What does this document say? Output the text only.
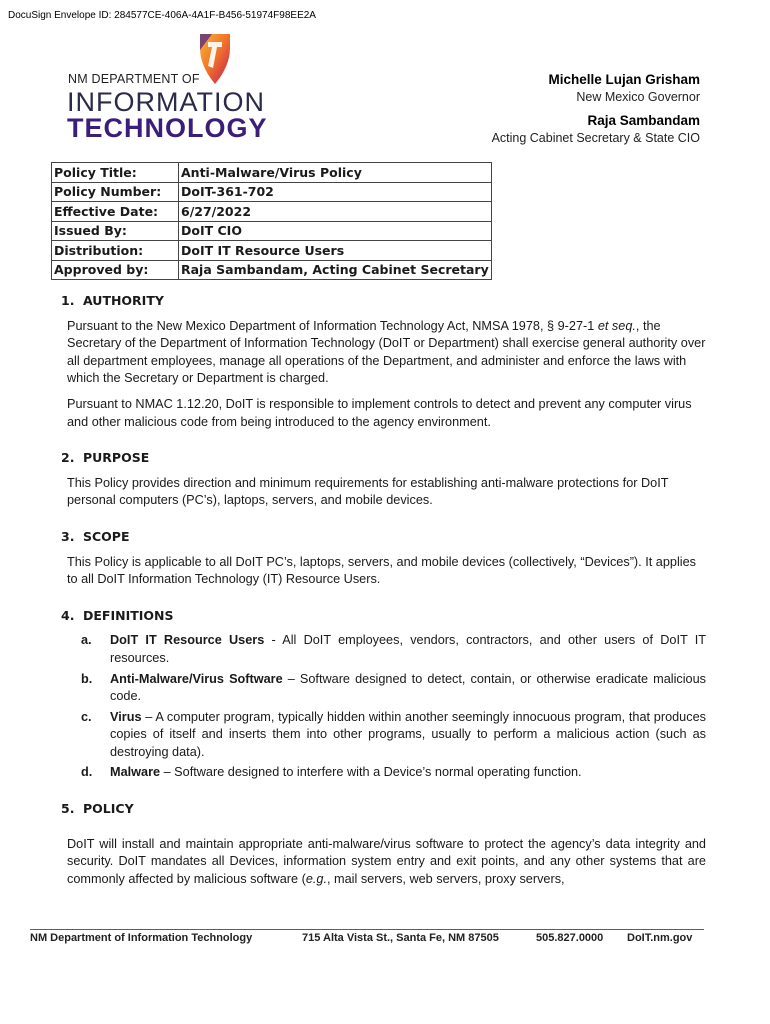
DocuSign Envelope ID: 284577CE-406A-4A1F-B456-51974F98EE2A
NM DEPARTMENT OF
INFORMATION
TECHNOLOGY
Michelle Lujan Grisham
New Mexico Governor
Raja Sambandam
Acting Cabinet Secretary & State CIO
Policy Title:	Anti-Malware/Virus Policy
Policy Number:	DoIT-361-702
Effective Date:	6/27/2022
Issued By:	DoIT CIO
Distribution:	DoIT IT Resource Users
Approved by:	Raja Sambandam, Acting Cabinet Secretary
1. AUTHORITY

Pursuant to the New Mexico Department of Information Technology Act, NMSA 1978, § 9-27-1 et seq., the Secretary of the Department of Information Technology (DoIT or Department) shall exercise general authority over all department employees, manage all operations of the Department, and administer and enforce the laws with which the Secretary or Department is charged.

Pursuant to NMAC 1.12.20, DoIT is responsible to implement controls to detect and prevent any computer virus and other malicious code from being introduced to the agency environment.

2. PURPOSE

This Policy provides direction and minimum requirements for establishing anti-malware protections for DoIT personal computers (PC’s), laptops, servers, and mobile devices.

3. SCOPE

This Policy is applicable to all DoIT PC’s, laptops, servers, and mobile devices (collectively, “Devices”). It applies to all DoIT Information Technology (IT) Resource Users.

4. DEFINITIONS
a. DoIT IT Resource Users - All DoIT employees, vendors, contractors, and other users of DoIT IT resources.
b. Anti-Malware/Virus Software – Software designed to detect, contain, or otherwise eradicate malicious code.
c. Virus – A computer program, typically hidden within another seemingly innocuous program, that produces copies of itself and inserts them into other programs, usually to perform a malicious action (such as destroying data).
d. Malware – Software designed to interfere with a Device’s normal operating function.
5. POLICY

DoIT will install and maintain appropriate anti-malware/virus software to protect the agency’s data integrity and security. DoIT mandates all Devices, information system entry and exit points, and any other systems that are commonly affected by malicious software (e.g., mail servers, web servers, proxy servers,

NM Department of Information Technology	715 Alta Vista St., Santa Fe, NM 87505	505.827.0000 DoIT.nm.gov
